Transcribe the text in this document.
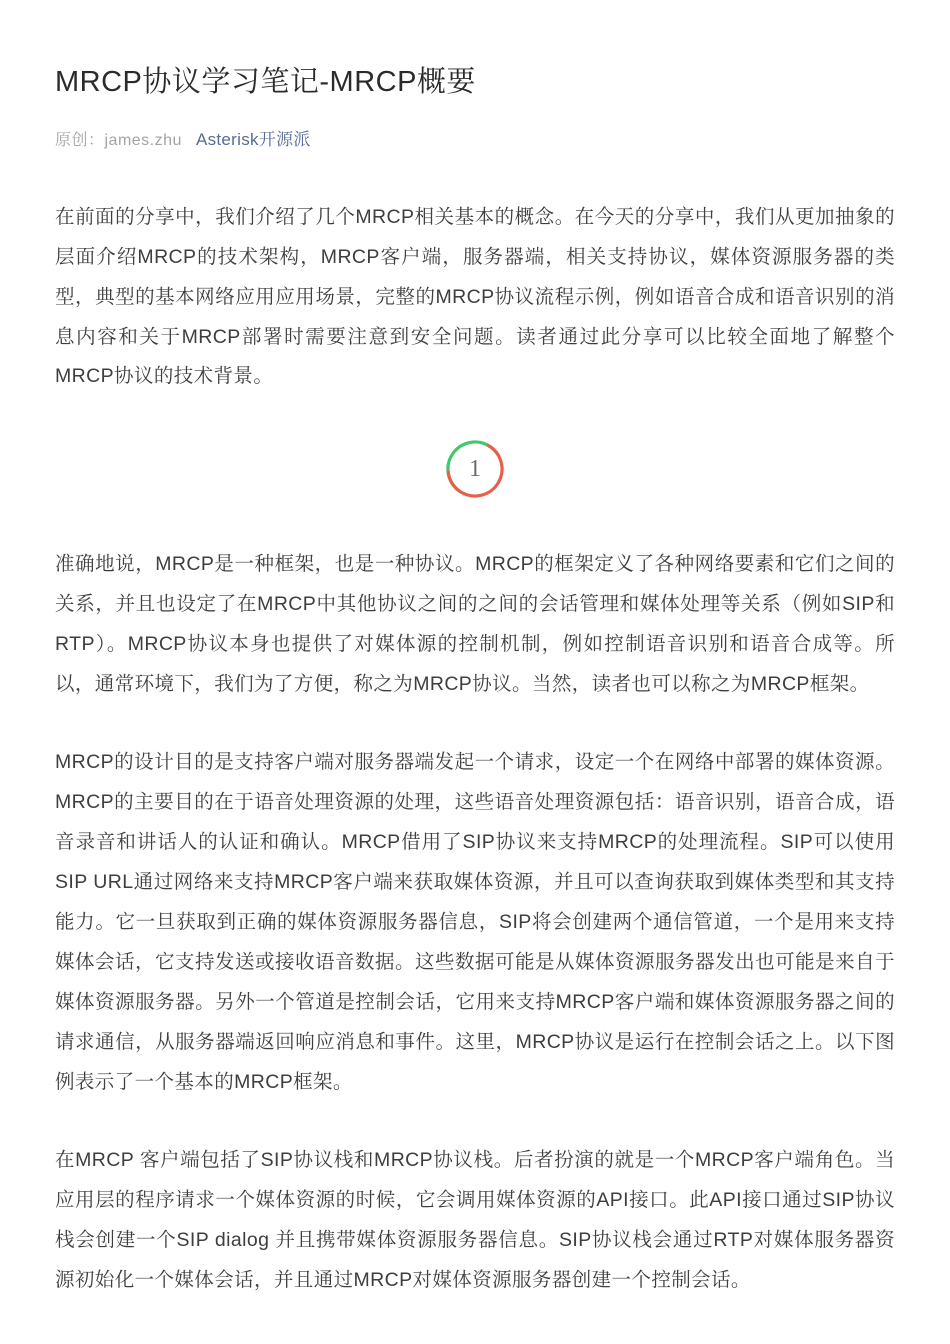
MRCP协议学习笔记-MRCP概要
原创：james.zhu Asterisk开源派

在前面的分享中，我们介绍了几个MRCP相关基本的概念。在今天的分享中，我们从更加抽象的层面介绍MRCP的技术架构，MRCP客户端，服务器端，相关支持协议，媒体资源服务器的类型，典型的基本网络应用应用场景，完整的MRCP协议流程示例，例如语音合成和语音识别的消息内容和关于MRCP部署时需要注意到安全问题。读者通过此分享可以比较全面地了解整个MRCP协议的技术背景。

1

准确地说，MRCP是一种框架，也是一种协议。MRCP的框架定义了各种网络要素和它们之间的关系，并且也设定了在MRCP中其他协议之间的之间的会话管理和媒体处理等关系（例如SIP和RTP）。MRCP协议本身也提供了对媒体源的控制机制，例如控制语音识别和语音合成等。所以，通常环境下，我们为了方便，称之为MRCP协议。当然，读者也可以称之为MRCP框架。

MRCP的设计目的是支持客户端对服务器端发起一个请求，设定一个在网络中部署的媒体资源。MRCP的主要目的在于语音处理资源的处理，这些语音处理资源包括：语音识别，语音合成，语音录音和讲话人的认证和确认。MRCP借用了SIP协议来支持MRCP的处理流程。SIP可以使用SIP URL通过网络来支持MRCP客户端来获取媒体资源，并且可以查询获取到媒体类型和其支持能力。它一旦获取到正确的媒体资源服务器信息，SIP将会创建两个通信管道，一个是用来支持媒体会话，它支持发送或接收语音数据。这些数据可能是从媒体资源服务器发出也可能是来自于媒体资源服务器。另外一个管道是控制会话，它用来支持MRCP客户端和媒体资源服务器之间的请求通信，从服务器端返回响应消息和事件。这里，MRCP协议是运行在控制会话之上。以下图例表示了一个基本的MRCP框架。

在MRCP 客户端包括了SIP协议栈和MRCP协议栈。后者扮演的就是一个MRCP客户端角色。当应用层的程序请求一个媒体资源的时候，它会调用媒体资源的API接口。此API接口通过SIP协议栈会创建一个SIP dialog 并且携带媒体资源服务器信息。SIP协议栈会通过RTP对媒体服务器资源初始化一个媒体会话，并且通过MRCP对媒体资源服务器创建一个控制会话。
